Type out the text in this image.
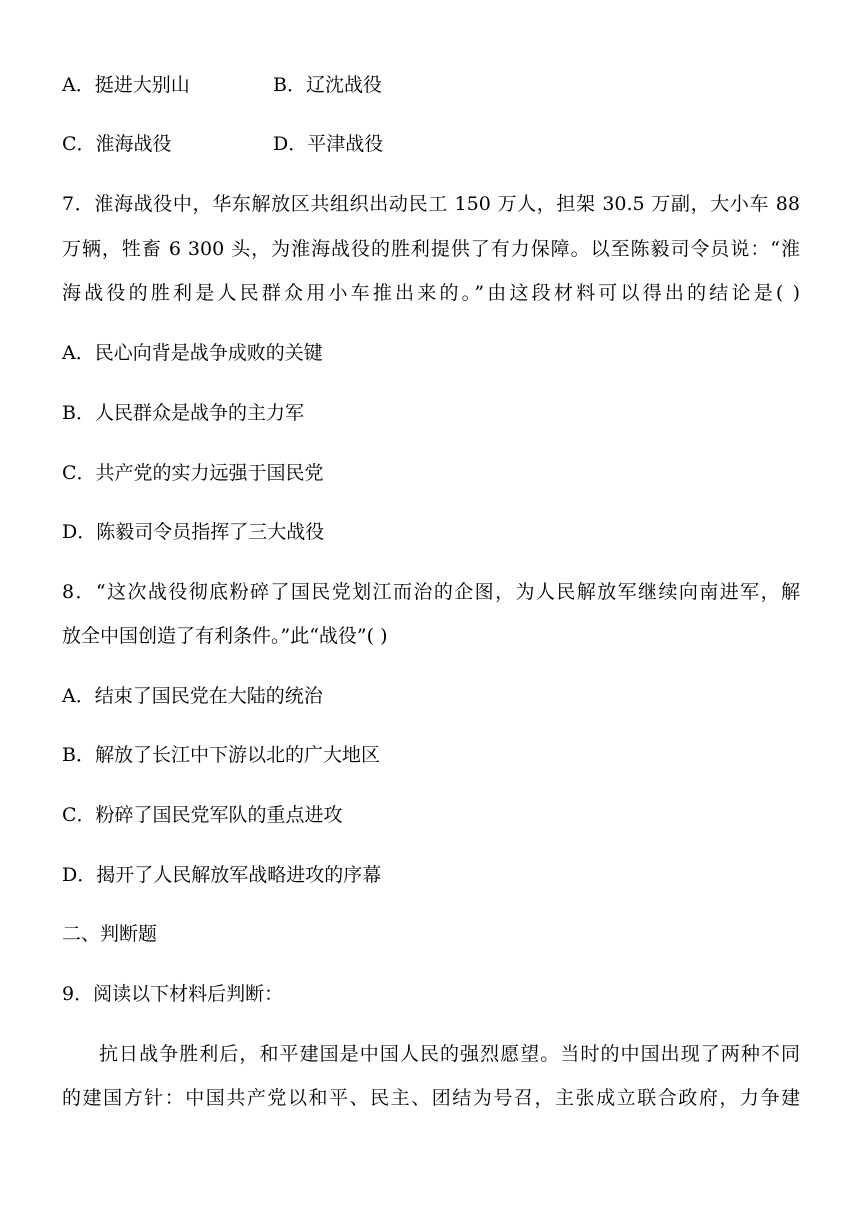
A．挺进大别山	B．辽沈战役
C．淮海战役	D．平津战役
7．淮海战役中，华东解放区共组织出动民工 150 万人，担架 30.5 万副，大小车 88
万辆，牲畜 6 300 头，为淮海战役的胜利提供了有力保障。以至陈毅司令员说：“淮
海战役的胜利是人民群众用小车推出来的。”由这段材料可以得出的结论是( )
A．民心向背是战争成败的关键
B．人民群众是战争的主力军
C．共产党的实力远强于国民党
D．陈毅司令员指挥了三大战役
8．“这次战役彻底粉碎了国民党划江而治的企图，为人民解放军继续向南进军，解
放全中国创造了有利条件。”此“战役”( )
A．结束了国民党在大陆的统治
B．解放了长江中下游以北的广大地区
C．粉碎了国民党军队的重点进攻
D．揭开了人民解放军战略进攻的序幕
二、判断题
9．阅读以下材料后判断：
抗日战争胜利后，和平建国是中国人民的强烈愿望。当时的中国出现了两种不同
的建国方针：中国共产党以和平、民主、团结为号召，主张成立联合政府，力争建
